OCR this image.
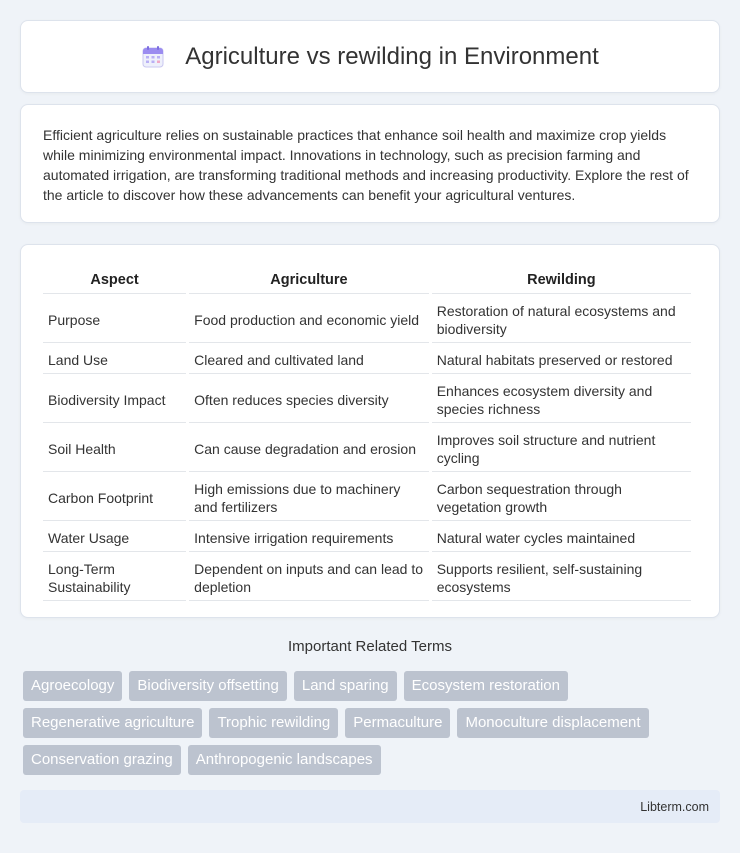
Agriculture vs rewilding in Environment

Efficient agriculture relies on sustainable practices that enhance soil health and maximize crop yields while minimizing environmental impact. Innovations in technology, such as precision farming and automated irrigation, are transforming traditional methods and increasing productivity. Explore the rest of the article to discover how these advancements can benefit your agricultural ventures.

Aspect	Agriculture	Rewilding
Purpose	Food production and economic yield	Restoration of natural ecosystems and biodiversity
Land Use	Cleared and cultivated land	Natural habitats preserved or restored
Biodiversity Impact	Often reduces species diversity	Enhances ecosystem diversity and species richness
Soil Health	Can cause degradation and erosion	Improves soil structure and nutrient cycling
Carbon Footprint	High emissions due to machinery and fertilizers	Carbon sequestration through vegetation growth
Water Usage	Intensive irrigation requirements	Natural water cycles maintained
Long-Term Sustainability	Dependent on inputs and can lead to depletion	Supports resilient, self-sustaining ecosystems
Important Related Terms
Agroecology	Biodiversity offsetting	Land sparing	Ecosystem restoration
Regenerative agriculture	Trophic rewilding	Permaculture	Monoculture displacement
Conservation grazing	Anthropogenic landscapes
Libterm.com
